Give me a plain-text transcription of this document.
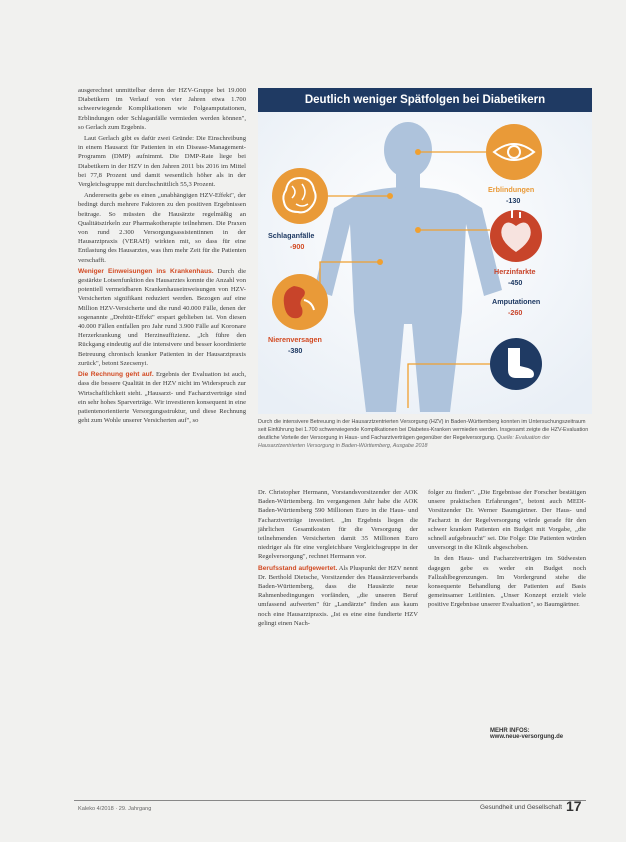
ausgerechnet unmittelbar deren der HZV-Gruppe bei 19.000 Diabetikern im Verlauf von vier Jahren etwa 1.700 schwerwiegende Komplikationen wie Folgeamputationen, Erblindungen oder Schlaganfälle vermieden werden können", so Gerlach zum Ergebnis.

Laut Gerlach gibt es dafür zwei Gründe: Die Einschreibung in einem Hausarzt für Patienten in ein Disease-Management-Programm (DMP) aufnimmt. Die DMP-Rate liege bei Diabetikern in der HZV in den Jahren 2011 bis 2016 im Mittel bei 77,8 Prozent und damit wesentlich höher als in der Vergleichsgruppe mit durchschnittlich 55,3 Prozent.

Andererseits gebe es einen „unabhängigen HZV-Effekt", der bedingt durch mehrere Faktoren zu den positiven Ergebnissen beitrage. So müssten die Hausärzte regelmäßig an Qualitätszirkeln zur Pharmakotherapie teilnehmen. Die Praxen von rund 2.300 Versorgungsassistentinnen in der Hausarztpraxis (VERAH) wirkten mit, so dass für eine Entlastung des Hausarztes, was ihm mehr Zeit für die Patienten verschafft.

Weniger Einweisungen ins Krankenhaus. Durch die gestärkte Lotsenfunktion des Hausarztes konnte die Anzahl von potentiell vermeidbaren Krankenhauseinweisungen von HZV-Versicherten signifikant reduziert werden. Bezogen auf eine Million HZV-Versicherte und die rund 40.000 Fälle, denen der sogenannte „Drehtür-Effekt" erspart geblieben ist. Von diesen 40.000 Fällen entfallen pro Jahr rund 3.900 Fälle auf Koronare Herzerkrankung und Herzinsuffizienz. „Ich führe den Rückgang eindeutig auf die intensivere und besser koordinierte Betreuung chronisch kranker Patienten in der Hausarztpraxis zurück", betont Szecsenyi.

Die Rechnung geht auf. Ergebnis der Evaluation ist auch, dass die bessere Qualität in der HZV nicht im Widerspruch zur Wirtschaftlichkeit steht. „Hausarzt- und Facharztverträge sind ein sehr hohes Sparverträge. Wir investieren konsequent in eine patientenorientierte Versorgungsstruktur, und diese Rechnung geht zum Wohle unserer Versicherten auf", so

Deutlich weniger Spätfolgen bei Diabetikern
Schlaganfälle
-900
Erblindungen
-130
Herzinfarkte
-450
Amputationen
-260
Nierenversagen
-380
Durch die intensivere Betreuung in der Hausarztzentrierten Versorgung (HZV) in Baden-Württemberg konnten im Untersuchungszeitraum seit Einführung bei 1.700 schwerwiegende Komplikationen bei Diabetes-Kranken vermieden werden. Insgesamt zeigte die HZV-Evaluation deutliche Vorteile der Versorgung in Haus- und Facharztverträgen gegenüber der Regelversorgung. Quelle: Evaluation der Hausarztzentrierten Versorgung in Baden-Württemberg, Ausgabe 2018

Dr. Christopher Hermann, Vorstandsvorsitzender der AOK Baden-Württemberg. Im vergangenen Jahr habe die AOK Baden-Württemberg 590 Millionen Euro in die Haus- und Facharztverträge investiert. „Im Ergebnis liegen die jährlichen Gesamtkosten für die Versorgung der teilnehmenden Versicherten damit 35 Millionen Euro niedriger als für eine vergleichbare Vergleichsgruppe in der Regelversorgung", rechnet Hermann vor.

Berufsstand aufgewertet. Als Pluspunkt der HZV nennt Dr. Berthold Dietsche, Vorsitzender des Hausärzteverbands Baden-Württemberg, dass die Hausärzte neue Rahmenbedingungen vorfänden, „die unseren Beruf umfassend aufwerten" für „Landärzte" finden aus kaum noch eine Hausarztpraxis. „Ist es eine eine fundierte HZV gelingt einen Nach-

folger zu finden". „Die Ergebnisse der Forscher bestätigen unsere praktischen Erfahrungen", betont auch MEDI-Vorsitzender Dr. Werner Baumgärtner. Der Haus- und Facharzt in der Regelversorgung würde gerade für den schwer kranken Patienten ein Budget mit Vorgabe, „die schnell aufgebraucht" sei. Die Folge: Die Patienten würden unversorgt in die Klinik abgeschoben.

In den Haus- und Facharztverträgen im Südwesten dagegen gebe es weder ein Budget noch Fallzahlbegrenzungen. Im Vordergrund stehe die konsequente Behandlung der Patienten auf Basis gemeinsamer Leitlinien. „Unser Konzept erzielt viele positive Ergebnisse unserer Evaluation", so Baumgärtner.

MEHR INFOS:
www.neue-versorgung.de
Kaleko 4/2018 · 29. Jahrgang	Gesundheit und Gesellschaft 17
